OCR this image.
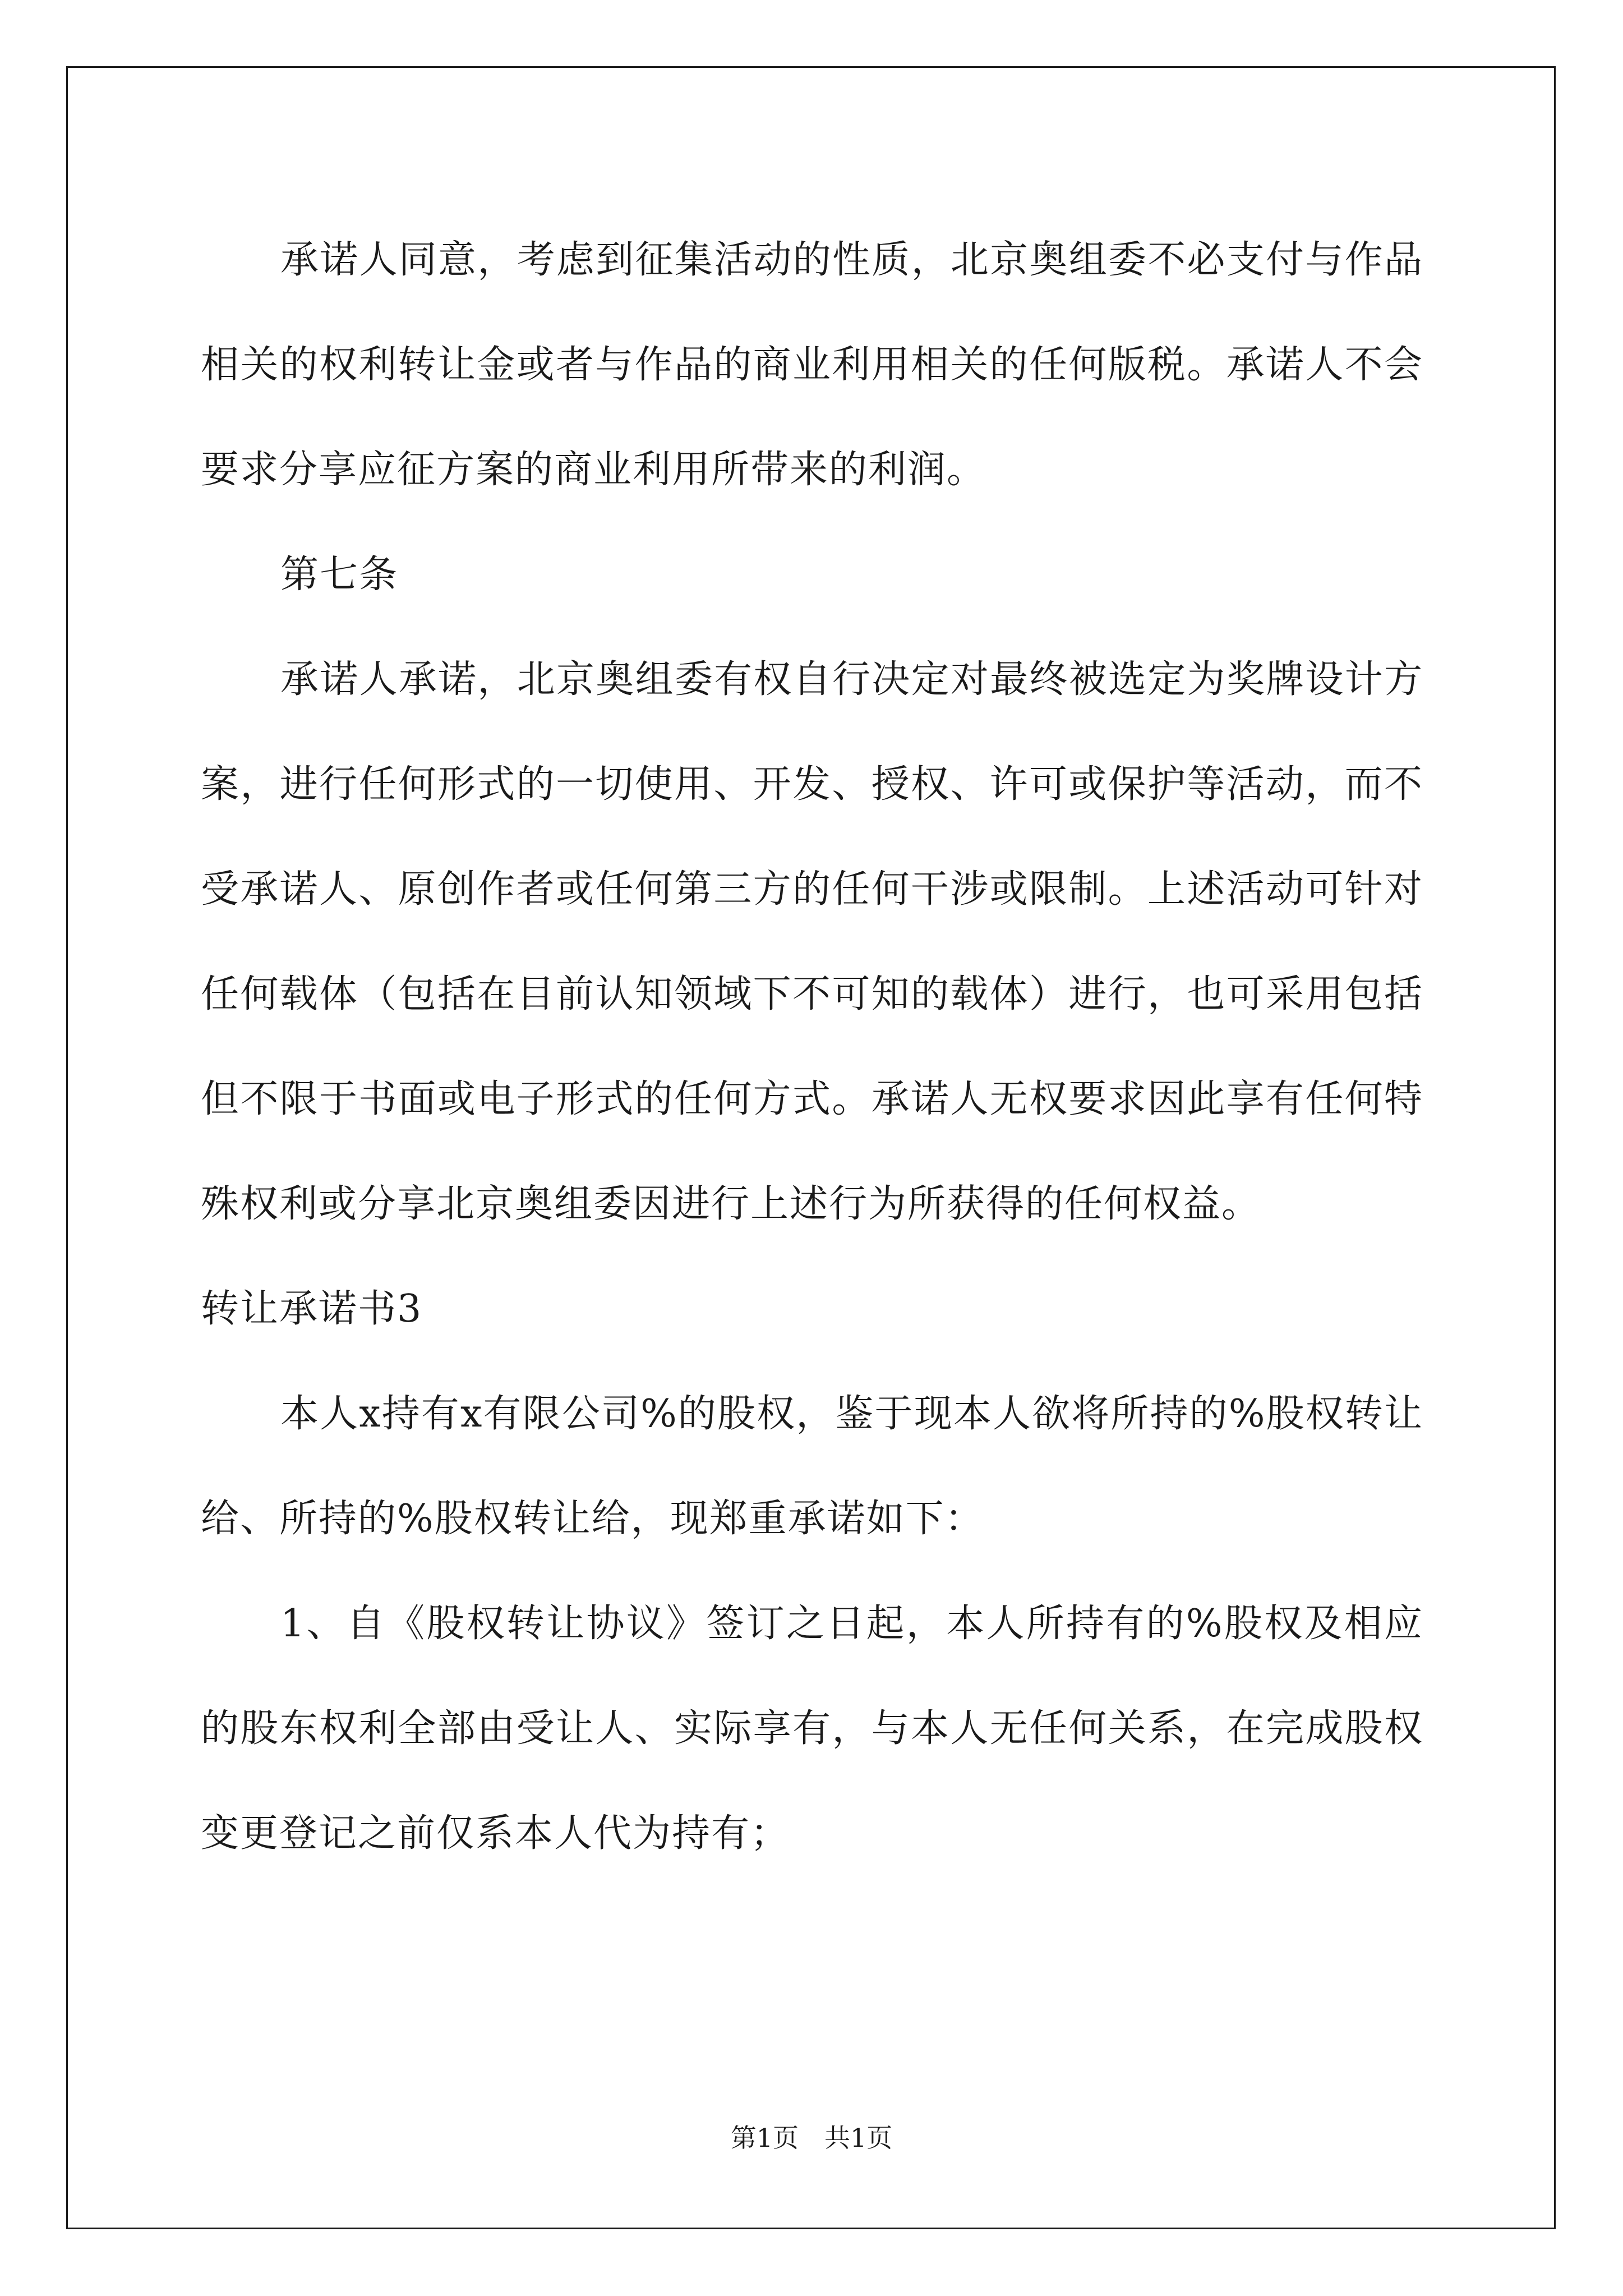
承诺人同意，考虑到征集活动的性质，北京奥组委不必支付与作品相关的权利转让金或者与作品的商业利用相关的任何版税。承诺人不会要求分享应征方案的商业利用所带来的利润。

第七条

承诺人承诺，北京奥组委有权自行决定对最终被选定为奖牌设计方案，进行任何形式的一切使用、开发、授权、许可或保护等活动，而不受承诺人、原创作者或任何第三方的任何干涉或限制。上述活动可针对任何载体（包括在目前认知领域下不可知的载体）进行，也可采用包括但不限于书面或电子形式的任何方式。承诺人无权要求因此享有任何特殊权利或分享北京奥组委因进行上述行为所获得的任何权益。

转让承诺书3

本人x持有x有限公司%的股权，鉴于现本人欲将所持的%股权转让给、所持的%股权转让给，现郑重承诺如下：

1、自《股权转让协议》签订之日起，本人所持有的%股权及相应的股东权利全部由受让人、实际享有，与本人无任何关系，在完成股权变更登记之前仅系本人代为持有；

第1页　共1页
